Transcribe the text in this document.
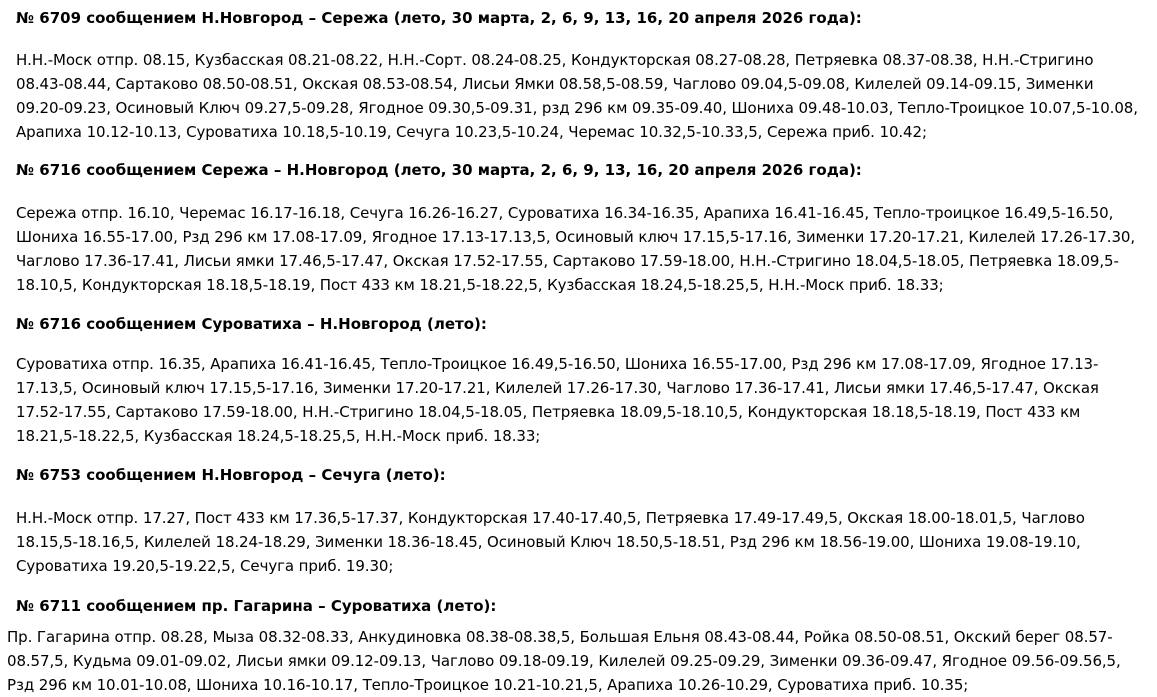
№ 6709 сообщением Н.Новгород – Сережа (лето, 30 марта, 2, 6, 9, 13, 16, 20 апреля 2026 года):

Н.Н.-Моск отпр. 08.15, Кузбасская 08.21-08.22, Н.Н.-Сорт. 08.24-08.25, Кондукторская 08.27-08.28, Петряевка 08.37-08.38, Н.Н.-Стригино 08.43-08.44, Сартаково 08.50-08.51, Окская 08.53-08.54, Лисьи Ямки 08.58,5-08.59, Чаглово 09.04,5-09.08, Килелей 09.14-09.15, Зименки 09.20-09.23, Осиновый Ключ 09.27,5-09.28, Ягодное 09.30,5-09.31, рзд 296 км 09.35-09.40, Шониха 09.48-10.03, Тепло-Троицкое 10.07,5-10.08, Арапиха 10.12-10.13, Суроватиха 10.18,5-10.19, Сечуга 10.23,5-10.24, Черемас 10.32,5-10.33,5, Сережа приб. 10.42;

№ 6716 сообщением Сережа – Н.Новгород (лето, 30 марта, 2, 6, 9, 13, 16, 20 апреля 2026 года):

Сережа отпр. 16.10, Черемас 16.17-16.18, Сечуга 16.26-16.27, Суроватиха 16.34-16.35, Арапиха 16.41-16.45, Тепло-троицкое 16.49,5-16.50, Шониха 16.55-17.00, Рзд 296 км 17.08-17.09, Ягодное 17.13-17.13,5, Осиновый ключ 17.15,5-17.16, Зименки 17.20-17.21, Килелей 17.26-17.30, Чаглово 17.36-17.41, Лисьи ямки 17.46,5-17.47, Окская 17.52-17.55, Сартаково 17.59-18.00, Н.Н.-Стригино 18.04,5-18.05, Петряевка 18.09,5-18.10,5, Кондукторская 18.18,5-18.19, Пост 433 км 18.21,5-18.22,5, Кузбасская 18.24,5-18.25,5, Н.Н.-Моск приб. 18.33;

№ 6716 сообщением Суроватиха – Н.Новгород (лето):

Суроватиха отпр. 16.35, Арапиха 16.41-16.45, Тепло-Троицкое 16.49,5-16.50, Шониха 16.55-17.00, Рзд 296 км 17.08-17.09, Ягодное 17.13-17.13,5, Осиновый ключ 17.15,5-17.16, Зименки 17.20-17.21, Килелей 17.26-17.30, Чаглово 17.36-17.41, Лисьи ямки 17.46,5-17.47, Окская 17.52-17.55, Сартаково 17.59-18.00, Н.Н.-Стригино 18.04,5-18.05, Петряевка 18.09,5-18.10,5, Кондукторская 18.18,5-18.19, Пост 433 км 18.21,5-18.22,5, Кузбасская 18.24,5-18.25,5, Н.Н.-Моск приб. 18.33;

№ 6753 сообщением Н.Новгород – Сечуга (лето):

Н.Н.-Моск отпр. 17.27, Пост 433 км 17.36,5-17.37, Кондукторская 17.40-17.40,5, Петряевка 17.49-17.49,5, Окская 18.00-18.01,5, Чаглово 18.15,5-18.16,5, Килелей 18.24-18.29, Зименки 18.36-18.45, Осиновый Ключ 18.50,5-18.51, Рзд 296 км 18.56-19.00, Шониха 19.08-19.10, Суроватиха 19.20,5-19.22,5, Сечуга приб. 19.30;

№ 6711 сообщением пр. Гагарина – Суроватиха (лето):

Пр. Гагарина отпр. 08.28, Мыза 08.32-08.33, Анкудиновка 08.38-08.38,5, Большая Ельня 08.43-08.44, Ройка 08.50-08.51, Окский берег 08.57-08.57,5, Кудьма 09.01-09.02, Лисьи ямки 09.12-09.13, Чаглово 09.18-09.19, Килелей 09.25-09.29, Зименки 09.36-09.47, Ягодное 09.56-09.56,5, Рзд 296 км 10.01-10.08, Шониха 10.16-10.17, Тепло-Троицкое 10.21-10.21,5, Арапиха 10.26-10.29, Суроватиха приб. 10.35;
